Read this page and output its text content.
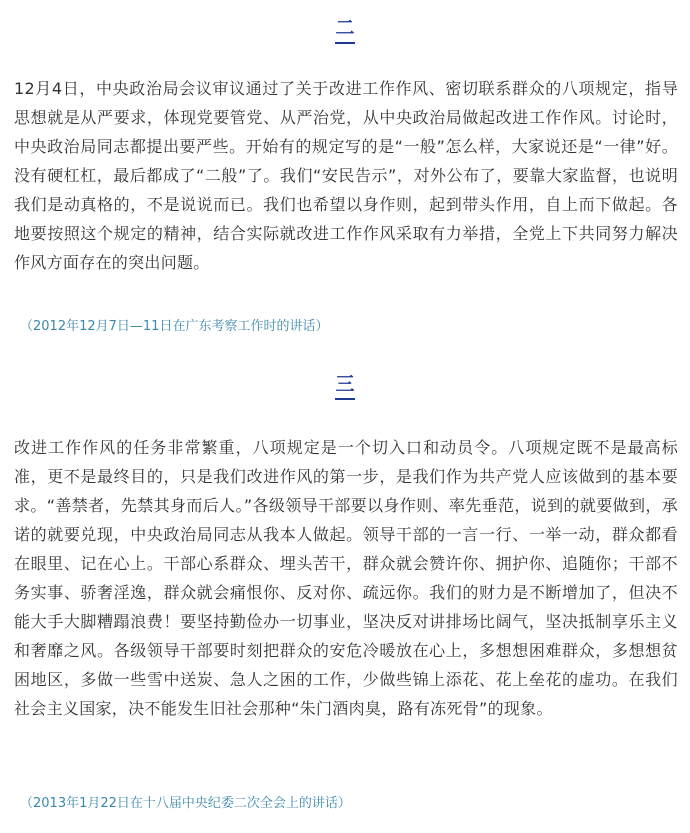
二

12月4日，中央政治局会议审议通过了关于改进工作作风、密切联系群众的八项规定，指导思想就是从严要求，体现党要管党、从严治党，从中央政治局做起改进工作作风。讨论时，中央政治局同志都提出要严些。开始有的规定写的是“一般”怎么样，大家说还是“一律”好。没有硬杠杠，最后都成了“二般”了。我们“安民告示”，对外公布了，要靠大家监督，也说明我们是动真格的，不是说说而已。我们也希望以身作则，起到带头作用，自上而下做起。各地要按照这个规定的精神，结合实际就改进工作作风采取有力举措，全党上下共同努力解决作风方面存在的突出问题。

（2012年12月7日—11日在广东考察工作时的讲话）

三

改进工作作风的任务非常繁重，八项规定是一个切入口和动员令。八项规定既不是最高标准，更不是最终目的，只是我们改进作风的第一步，是我们作为共产党人应该做到的基本要求。“善禁者，先禁其身而后人。”各级领导干部要以身作则、率先垂范，说到的就要做到，承诺的就要兑现，中央政治局同志从我本人做起。领导干部的一言一行、一举一动，群众都看在眼里、记在心上。干部心系群众、埋头苦干，群众就会赞许你、拥护你、追随你；干部不务实事、骄奢淫逸，群众就会痛恨你、反对你、疏远你。我们的财力是不断增加了，但决不能大手大脚糟蹋浪费！要坚持勤俭办一切事业，坚决反对讲排场比阔气，坚决抵制享乐主义和奢靡之风。各级领导干部要时刻把群众的安危冷暖放在心上，多想想困难群众，多想想贫困地区，多做一些雪中送炭、急人之困的工作，少做些锦上添花、花上垒花的虚功。在我们社会主义国家，决不能发生旧社会那种“朱门酒肉臭，路有冻死骨”的现象。

（2013年1月22日在十八届中央纪委二次全会上的讲话）
